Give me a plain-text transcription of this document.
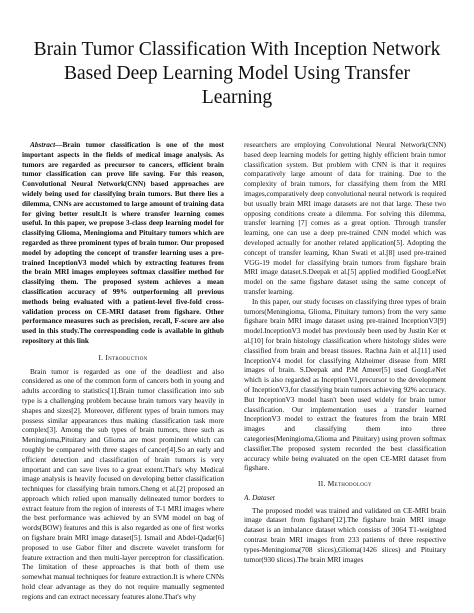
Brain Tumor Classification With Inception Network Based Deep Learning Model Using Transfer Learning

Abstract—Brain tumor classification is one of the most important aspects in the fields of medical image analysis. As tumors are regarded as precursor to cancers, efficient brain tumor classification can prove life saving. For this reason, Convolutional Neural Network(CNN) based approaches are widely being used for classifying brain tumors. But there lies a dilemma, CNNs are accustomed to large amount of training data for giving better result.It is where transfer learning comes useful. In this paper, we propose 3-class deep learning model for classifying Glioma, Meningioma and Pituitary tumors which are regarded as three prominent types of brain tumor. Our proposed model by adopting the concept of transfer learning uses a pre-trained InceptionV3 model which by extracting features from the brain MRI images employees softmax classifier method for classifying them. The proposed system achieves a mean classification accuracy of 99% outperforming all previous methods being evaluated with a patient-level five-fold cross-validation process on CE-MRI dataset from figshare. Other performance measures such as precision, recall, F-score are also used in this study.The corresponding code is available in github repository at this link

I. Introduction

Brain tumor is regarded as one of the deadliest and also considered as one of the common form of cancers both in young and adults according to statistics[1].Brain tumor classification into sub type is a challenging problem because brain tumors vary heavily in shapes and sizes[2]. Moreover, different types of brain tumors may possess similar appearances thus making classification task more complex[3]. Among the sub types of brain tumors, three such as Meningioma,Pituitary and Glioma are most prominent which can roughly be compared with three stages of cancer[4].So an early and efficient detection and classification of brain tumors is very important and can save lives to a great extent.That's why Medical image analysis is heavily focused on developing better classification techniques for classifying brain tumors.Cheng et al.[2] proposed an approach which relied upon manually delineated tumor borders to extract feature from the region of interests of T-1 MRI images where the best performance was achieved by an SVM model on bag of words(BOW) features and this is also regarded as one of first works on figshare brain MRI image dataset[5]. Ismail and Abdel-Qadar[6] proposed to use Gabor filter and discrete wavelet transform for feature extraction and then multi-layer perceptron for classification. The limitation of these approaches is that both of them use somewhat manual techniques for feature extraction.It is where CNNs hold clear advantage as they do not require manually segmented regions and can extract necessary features alone.That's why

researchers are employing Convolutional Neural Network(CNN) based deep learning models for getting highly efficient brain tumor classification system. But problem with CNN is that it requires comparatively large amount of data for training. Due to the complexity of brain tumors, for classifying them from the MRI images,comparatively deep convolutional neural network is required but usually brain MRI image datasets are not that large. These two opposing conditions create a dilemma. For solving this dilemma, transfer learning [7] comes as a great option. Through transfer learning, one can use a deep pre-trained CNN model which was developed actually for another related application[5]. Adopting the concept of transfer learning, Khan Swati et al.[8] used pre-trained VGG-19 model for classifying brain tumors from figshare brain MRI image dataset.S.Deepak et al.[5] applied modified GoogLeNet model on the same figshare dataset using the same concept of transfer learning.

In this paper, our study focuses on classifying three types of brain tumors(Meningioma, Glioma, Pituitary tumors) from the very same figshare brain MRI image dataset using pre-trained InceptionV3[9] model.InceptionV3 model has previously been used by Justin Ker et al.[10] for brain histology classification where histology slides were classified from brain and breast tissues. Rachna Jain et al.[11] used InceptionV4 model for classifying Alzheimer disease from MRI images of brain. S.Deepak and P.M Ameer[5] used GoogLeNet which is also regarded as InceptionV1,precursor to the development of InceptionV3,for classifying brain tumors achieving 92% accuracy. But InceptionV3 model hasn't been used widely for brain tumor classification. Our implementation uses a transfer learned InceptionV3 model to extract the features from the brain MRI images and classifying them into three categories(Meningioma,Glioma and Pituitary) using proven softmax classifier.The proposed system recorded the best classification accuracy while being evaluated on the open CE-MRI dataset from figshare.

II. Methodology
A. Dataset

The proposed model was trained and validated on CE-MRI brain image dataset from figshare[12].The figshare brain MRI image dataset is an imbalance dataset which consists of 3064 T1-weighted contrast brain MRI images from 233 patients of three respective types-Meningioma(708 slices),Glioma(1426 slices) and Pituitary tumor(930 slices).The brain MRI images
